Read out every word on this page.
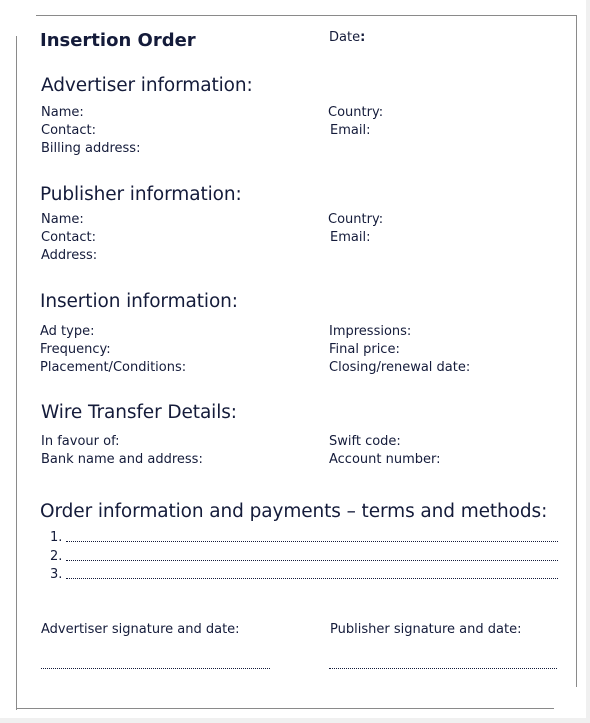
Insertion Order	Date:
Advertiser information:
Name:
Contact:
Billing address:
Country:
Email:
Publisher information:
Name:
Contact:
Address:
Country:
Email:
Insertion information:
Ad type:
Frequency:
Placement/Conditions:
Impressions:
Final price:
Closing/renewal date:
Wire Transfer Details:
In favour of:
Bank name and address:
Swift code:
Account number:
Order information and payments – terms and methods:
1.
2.
3.
Advertiser signature and date:	Publisher signature and date:
